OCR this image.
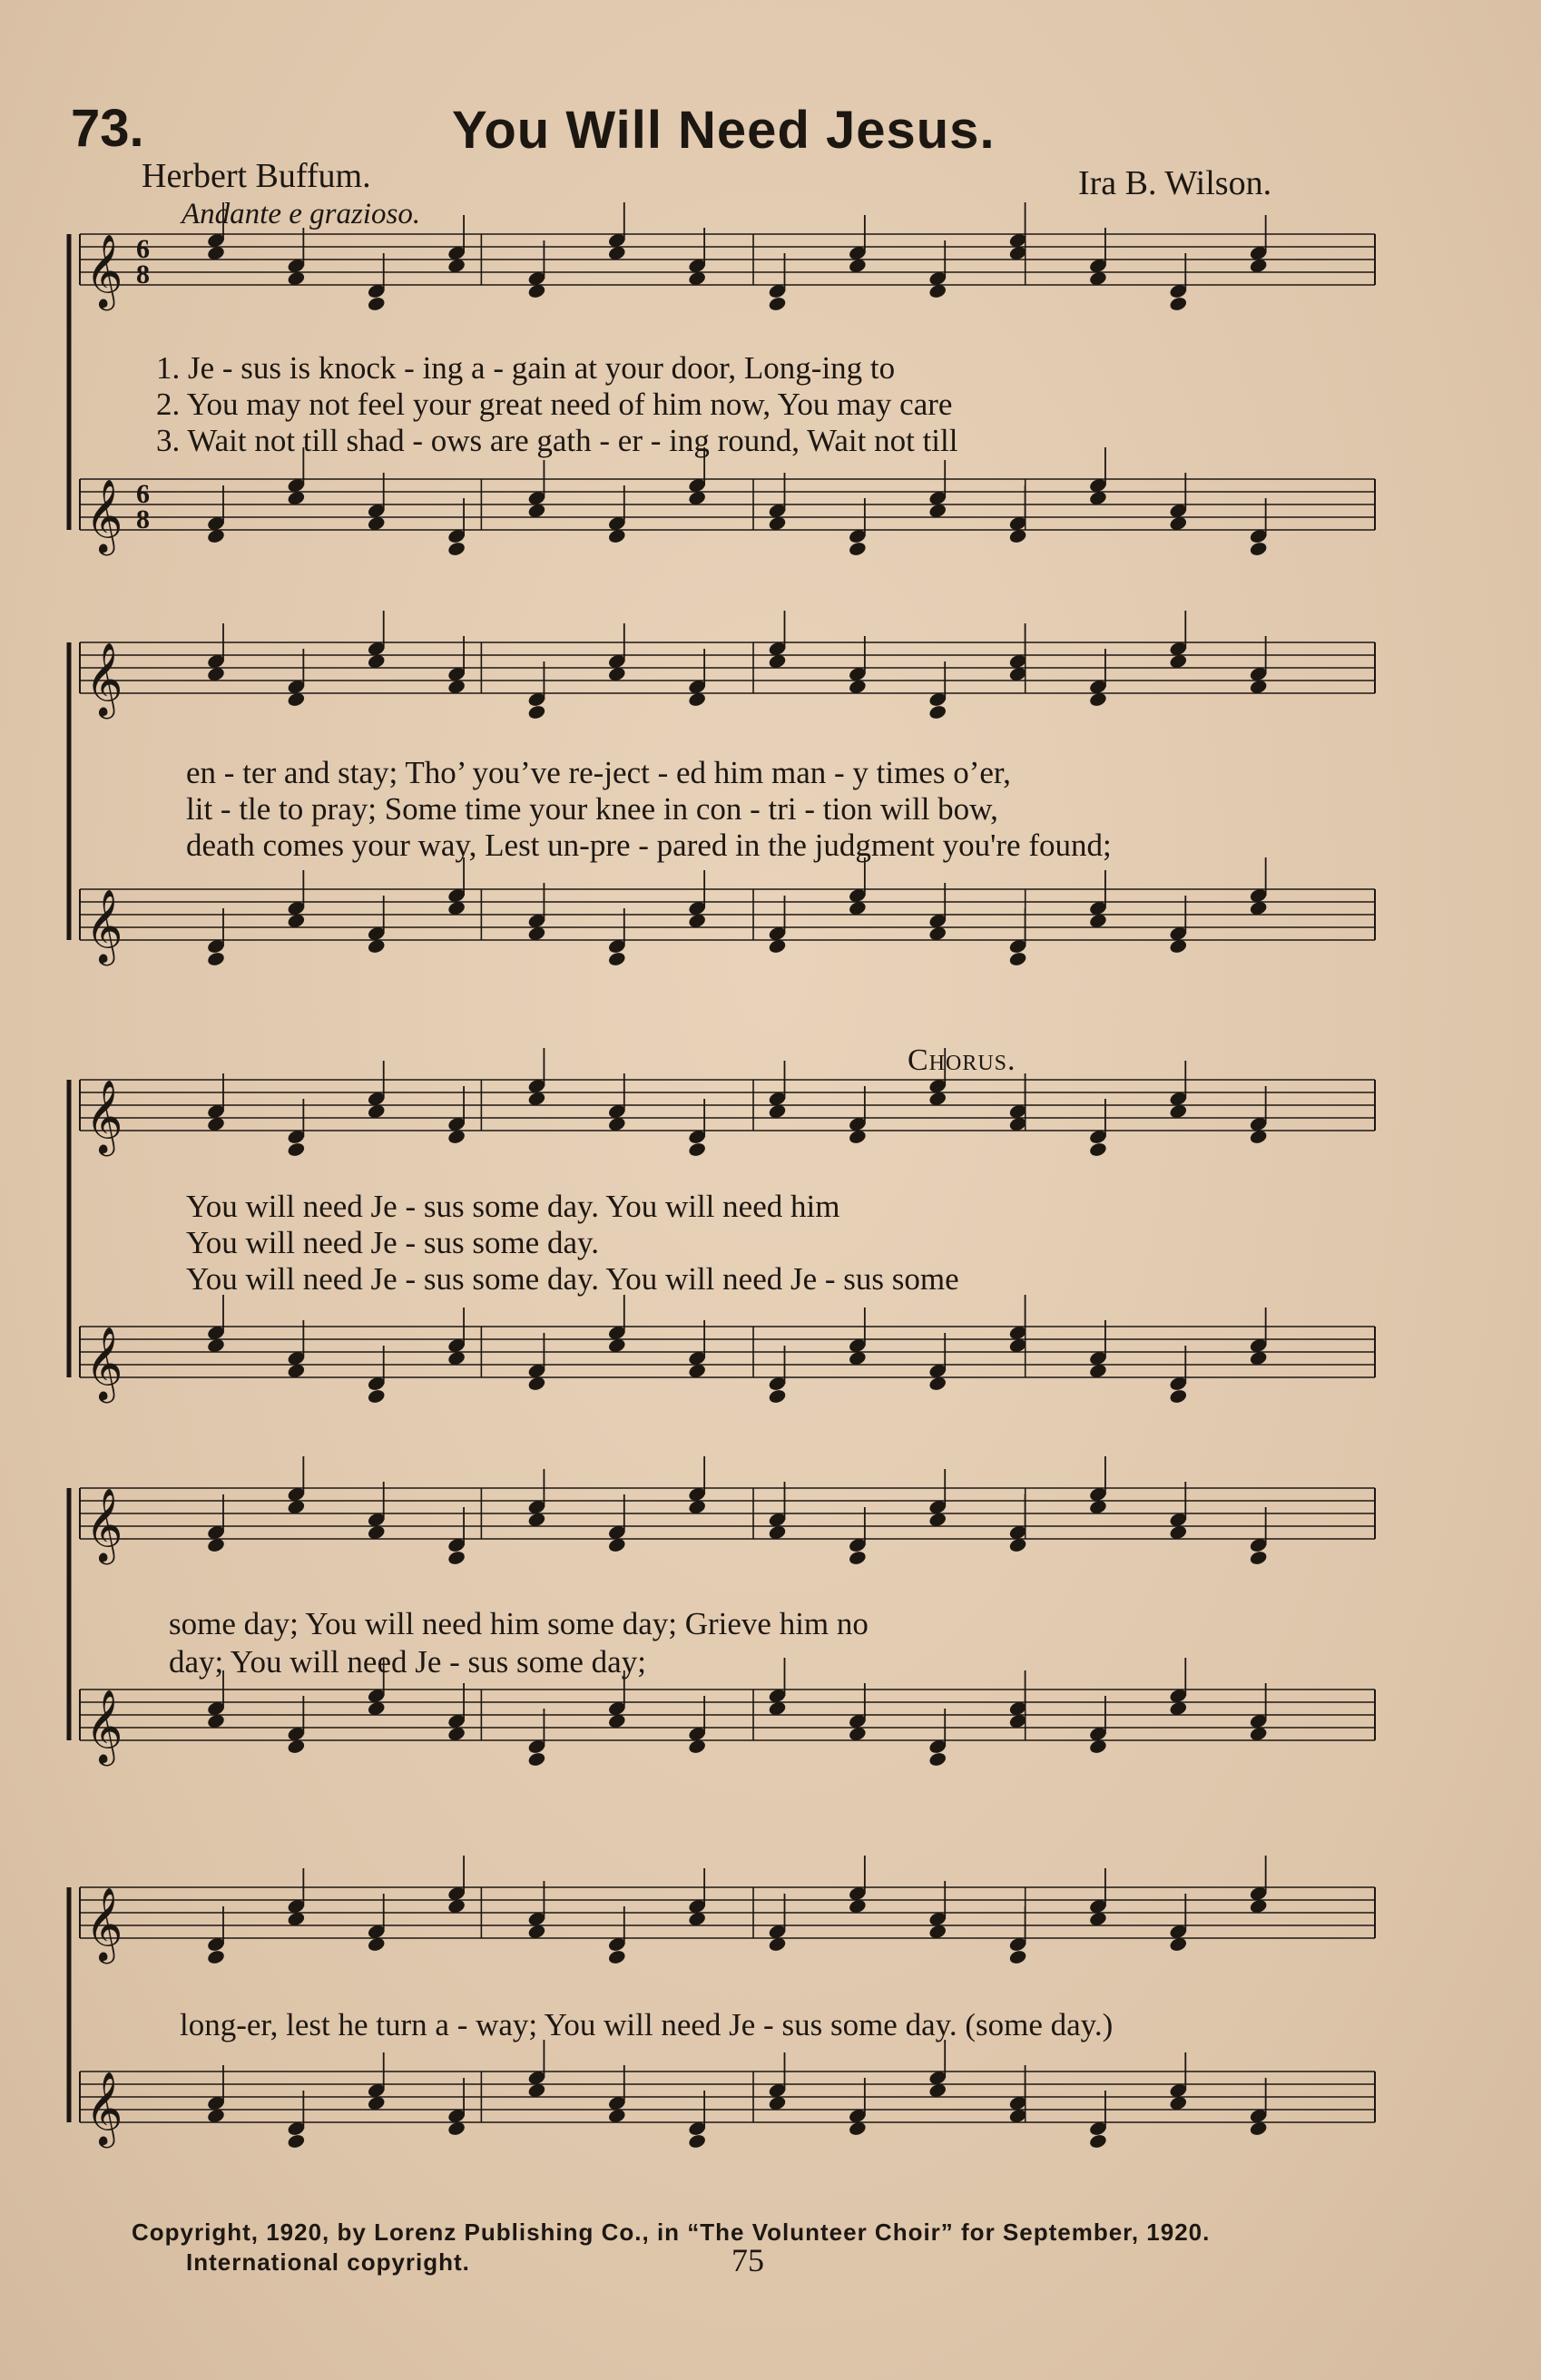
73.	You Will Need Jesus.
Herbert Buffum.	Ira B. Wilson.
Andante e grazioso.
𝄞 6
8
𝄞 6
8
𝄞
𝄞
𝄞
𝄞
𝄞
𝄞
𝄞
𝄞
1. Je - sus is knock - ing a - gain at your door, Long-ing to
2. You may not feel your great need of him now, You may care
3. Wait not till shad - ows are gath - er - ing round, Wait not till
en - ter and stay; Tho’ you’ve re-ject - ed him man - y times o’er,
lit - tle to pray; Some time your knee in con - tri - tion will bow,
death comes your way, Lest un-pre - pared in the judgment you're found;
Chorus.
You will need Je - sus some day. You will need him
You will need Je - sus some day.
You will need Je - sus some day. You will need Je - sus some
some day; You will need him some day; Grieve him no
day; You will need Je - sus some day;
long-er, lest he turn a - way; You will need Je - sus some day. (some day.)
Copyright, 1920, by Lorenz Publishing Co., in “The Volunteer Choir” for September, 1920.
International copyright.	75
